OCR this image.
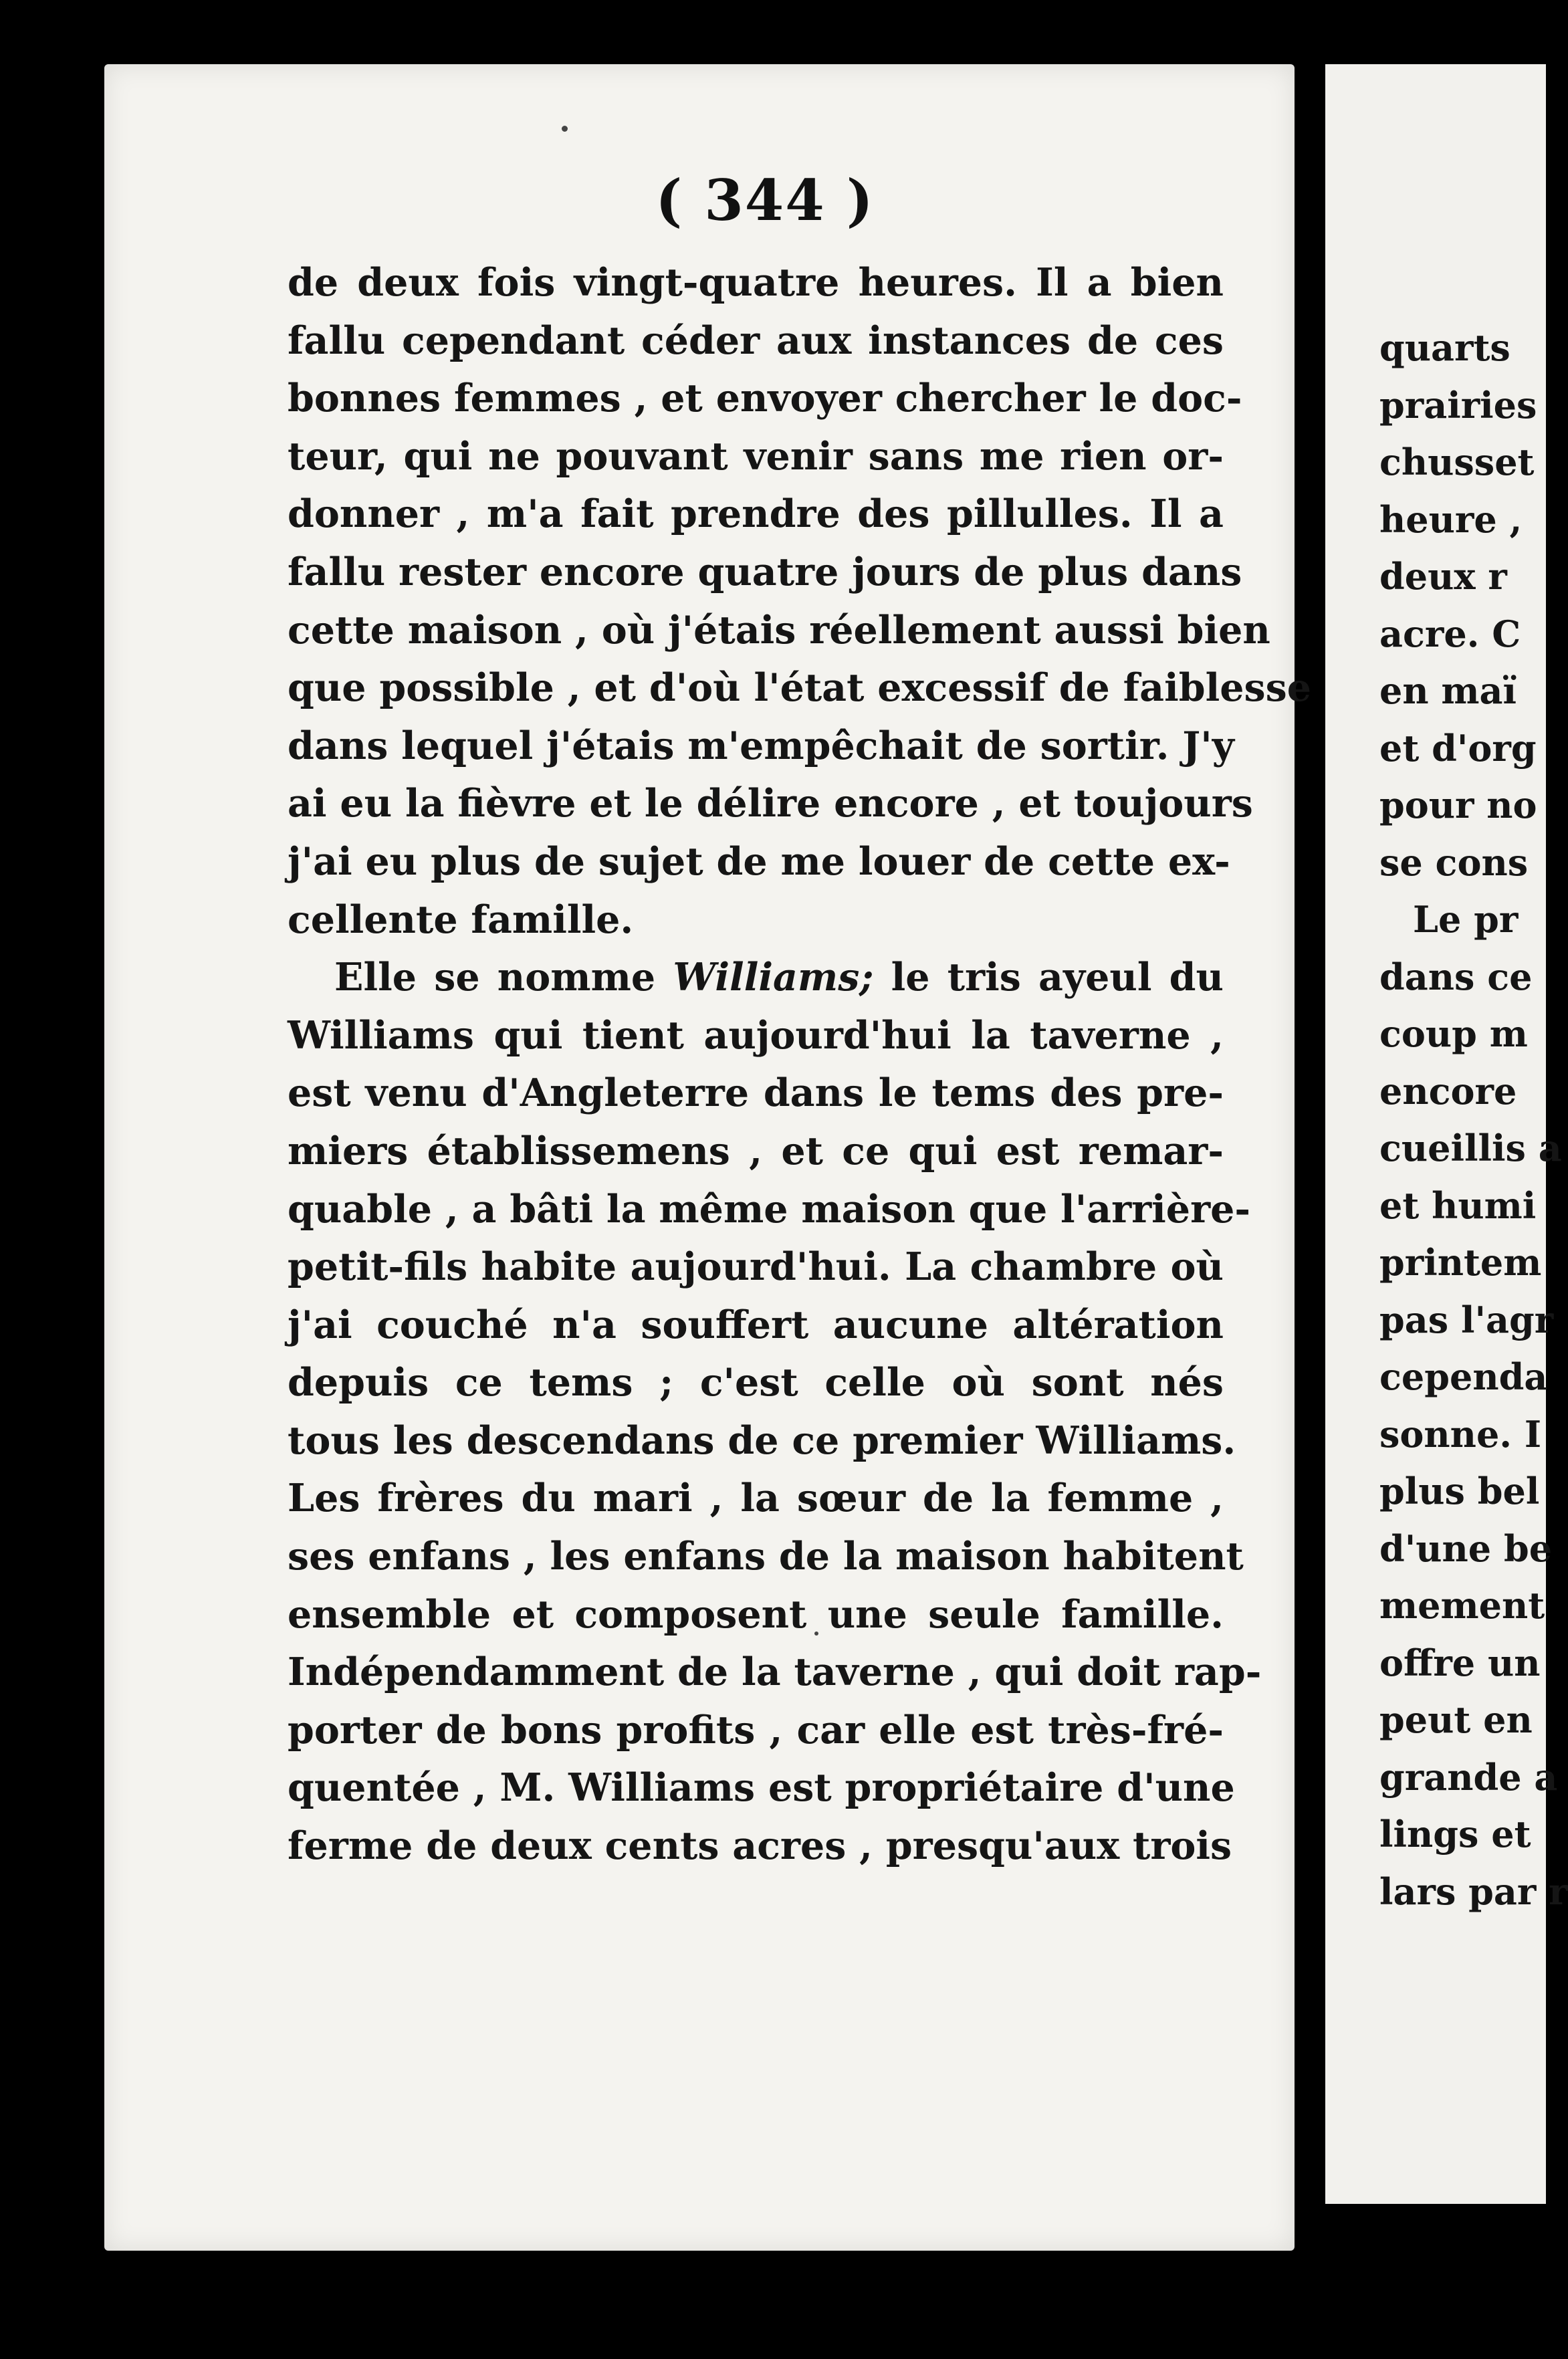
( 344 )
de deux fois vingt-quatre heures. Il a bien
fallu cependant céder aux instances de ces
bonnes femmes , et envoyer chercher le doc-
teur, qui ne pouvant venir sans me rien or-
donner , m'a fait prendre des pillulles. Il a
fallu rester encore quatre jours de plus dans
cette maison , où j'étais réellement aussi bien
que possible , et d'où l'état excessif de faiblesse
dans lequel j'étais m'empêchait de sortir. J'y
ai eu la fièvre et le délire encore , et toujours
j'ai eu plus de sujet de me louer de cette ex-
cellente famille.
Elle se nomme Williams; le tris ayeul du
Williams qui tient aujourd'hui la taverne ,
est venu d'Angleterre dans le tems des pre-
miers établissemens , et ce qui est remar-
quable , a bâti la même maison que l'arrière-
petit-fils habite aujourd'hui. La chambre où
j'ai couché n'a souffert aucune altération
depuis ce tems ; c'est celle où sont nés
tous les descendans de ce premier Williams.
Les frères du mari , la sœur de la femme ,
ses enfans , les enfans de la maison habitent
ensemble et composent une seule famille.
Indépendamment de la taverne , qui doit rap-
porter de bons profits , car elle est très-fré-
quentée , M. Williams est propriétaire d'une
ferme de deux cents acres , presqu'aux trois
quarts
prairies
chusset
heure ,
deux r
acre. C
en maï
et d'org
pour no
se cons
Le pr
dans ce
coup m
encore
cueillis a
et humi
printem
pas l'agr
cependa
sonne. I
plus bel
d'une be
mement
offre un
peut en
grande a
lings et
lars par r
